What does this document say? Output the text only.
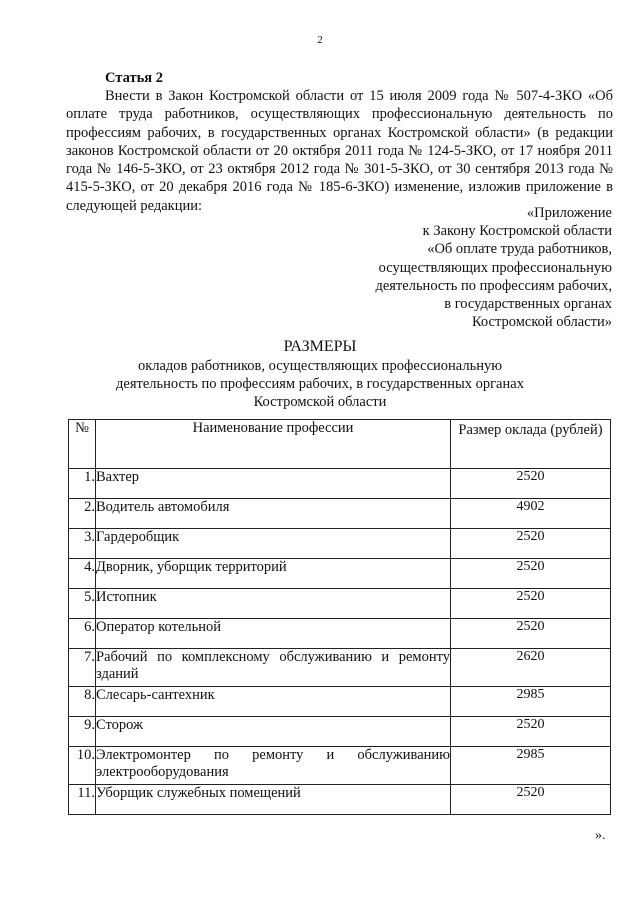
2
Статья 2

Внести в Закон Костромской области от 15 июля 2009 года № 507-4-ЗКО «Об оплате труда работников, осуществляющих профессиональную деятельность по профессиям рабочих, в государственных органах Костромской области» (в редакции законов Костромской области от 20 октября 2011 года № 124-5-ЗКО, от 17 ноября 2011 года № 146-5-ЗКО, от 23 октября 2012 года № 301-5-ЗКО, от 30 сентября 2013 года № 415-5-ЗКО, от 20 декабря 2016 года № 185-6-ЗКО) изменение, изложив приложение в следующей редакции:	«Приложение
к Закону Костромской области
«Об оплате труда работников,
осуществляющих профессиональную
деятельность по профессиям рабочих,
в государственных органах
Костромской области»
РАЗМЕРЫ
окладов работников, осуществляющих профессиональную деятельность по профессиям рабочих, в государственных органах Костромской области
№	Наименование профессии	Размер оклада (рублей)
1.	Вахтер	2520
2.	Водитель автомобиля	4902
3.	Гардеробщик	2520
4.	Дворник, уборщик территорий	2520
5.	Истопник	2520
6.	Оператор котельной	2520
7.	Рабочий по комплексному обслуживанию и ремонту зданий	2620
8.	Слесарь-сантехник	2985
9.	Сторож	2520
10.	Электромонтер по ремонту и обслуживанию электрооборудования	2985
11.	Уборщик служебных помещений	2520
».
